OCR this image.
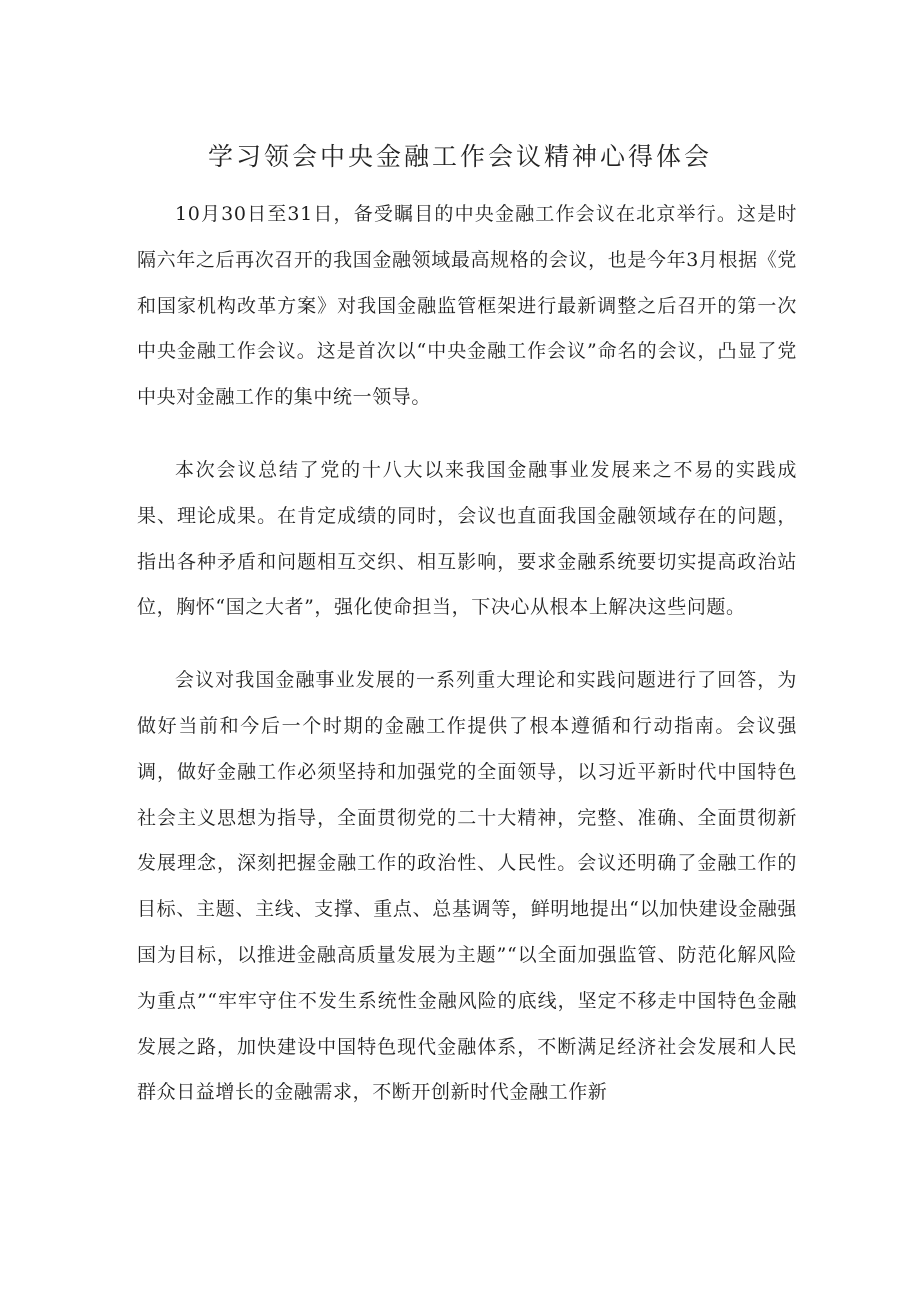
学习领会中央金融工作会议精神心得体会

10月30日至31日，备受瞩目的中央金融工作会议在北京举行。这是时隔六年之后再次召开的我国金融领域最高规格的会议，也是今年3月根据《党和国家机构改革方案》对我国金融监管框架进行最新调整之后召开的第一次中央金融工作会议。这是首次以“中央金融工作会议”命名的会议，凸显了党中央对金融工作的集中统一领导。

本次会议总结了党的十八大以来我国金融事业发展来之不易的实践成果、理论成果。在肯定成绩的同时，会议也直面我国金融领域存在的问题，指出各种矛盾和问题相互交织、相互影响，要求金融系统要切实提高政治站位，胸怀“国之大者”，强化使命担当，下决心从根本上解决这些问题。

会议对我国金融事业发展的一系列重大理论和实践问题进行了回答，为做好当前和今后一个时期的金融工作提供了根本遵循和行动指南。会议强调，做好金融工作必须坚持和加强党的全面领导，以习近平新时代中国特色社会主义思想为指导，全面贯彻党的二十大精神，完整、准确、全面贯彻新发展理念，深刻把握金融工作的政治性、人民性。会议还明确了金融工作的目标、主题、主线、支撑、重点、总基调等，鲜明地提出“以加快建设金融强国为目标，以推进金融高质量发展为主题”“以全面加强监管、防范化解风险为重点”“牢牢守住不发生系统性金融风险的底线，坚定不移走中国特色金融发展之路，加快建设中国特色现代金融体系，不断满足经济社会发展和人民群众日益增长的金融需求，不断开创新时代金融工作新
